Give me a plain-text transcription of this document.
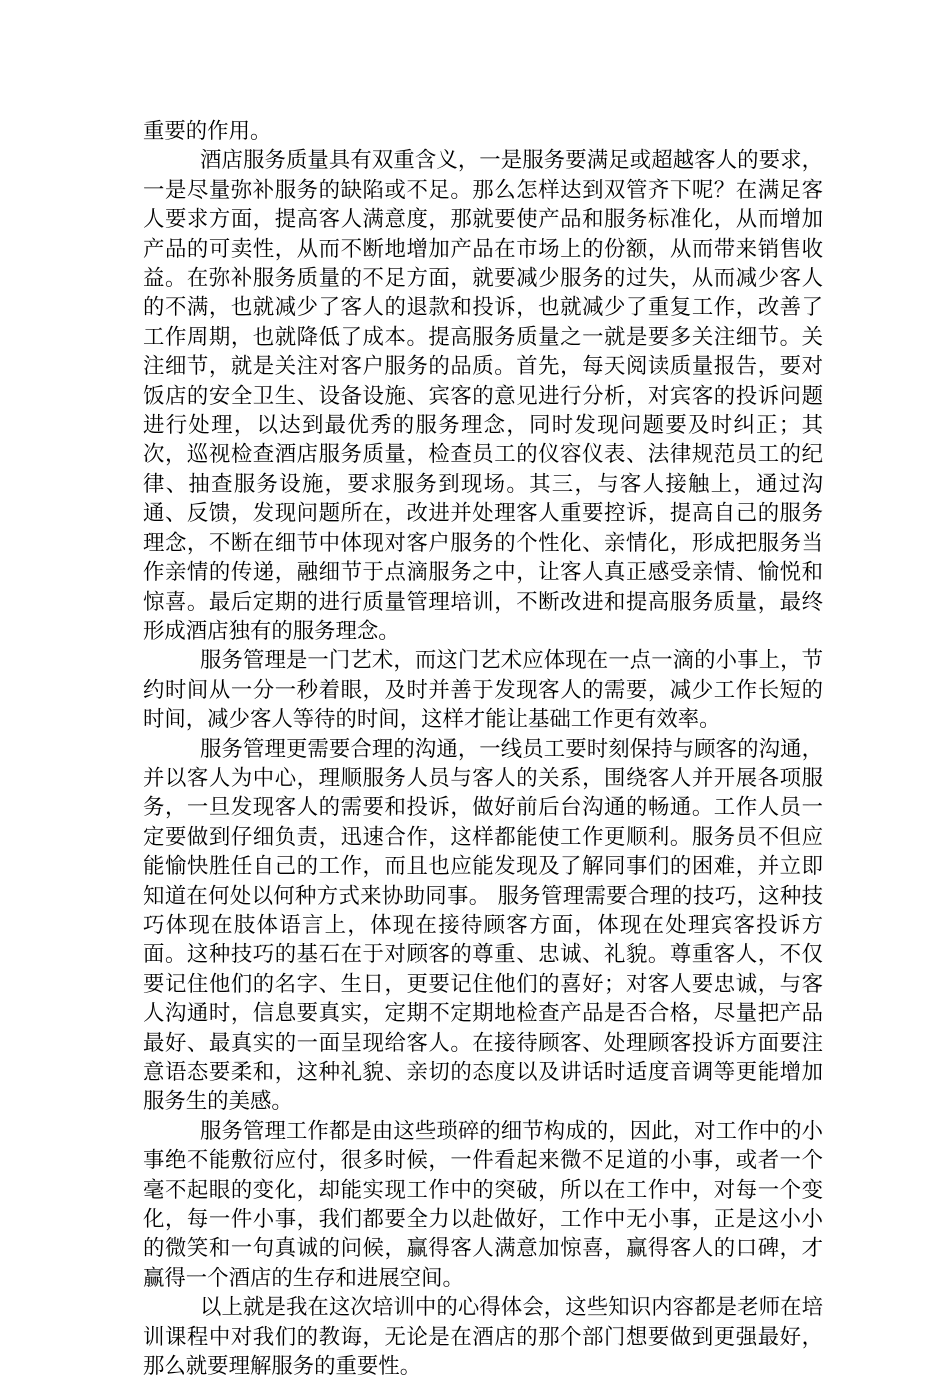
重要的作用。

酒店服务质量具有双重含义，一是服务要满足或超越客人的要求，一是尽量弥补服务的缺陷或不足。那么怎样达到双管齐下呢？在满足客人要求方面，提高客人满意度，那就要使产品和服务标准化，从而增加产品的可卖性，从而不断地增加产品在市场上的份额，从而带来销售收益。在弥补服务质量的不足方面，就要减少服务的过失，从而减少客人的不满，也就减少了客人的退款和投诉，也就减少了重复工作，改善了工作周期，也就降低了成本。提高服务质量之一就是要多关注细节。关注细节，就是关注对客户服务的品质。首先，每天阅读质量报告，要对饭店的安全卫生、设备设施、宾客的意见进行分析，对宾客的投诉问题进行处理，以达到最优秀的服务理念，同时发现问题要及时纠正；其次，巡视检查酒店服务质量，检查员工的仪容仪表、法律规范员工的纪律、抽查服务设施，要求服务到现场。其三，与客人接触上，通过沟通、反馈，发现问题所在，改进并处理客人重要控诉，提高自己的服务理念，不断在细节中体现对客户服务的个性化、亲情化，形成把服务当作亲情的传递，融细节于点滴服务之中，让客人真正感受亲情、愉悦和惊喜。最后定期的进行质量管理培训，不断改进和提高服务质量，最终形成酒店独有的服务理念。

服务管理是一门艺术，而这门艺术应体现在一点一滴的小事上，节约时间从一分一秒着眼，及时并善于发现客人的需要，减少工作长短的时间，减少客人等待的时间，这样才能让基础工作更有效率。

服务管理更需要合理的沟通，一线员工要时刻保持与顾客的沟通，并以客人为中心，理顺服务人员与客人的关系，围绕客人并开展各项服务，一旦发现客人的需要和投诉，做好前后台沟通的畅通。工作人员一定要做到仔细负责，迅速合作，这样都能使工作更顺利。服务员不但应能愉快胜任自己的工作，而且也应能发现及了解同事们的困难，并立即知道在何处以何种方式来协助同事。 服务管理需要合理的技巧，这种技巧体现在肢体语言上，体现在接待顾客方面，体现在处理宾客投诉方面。这种技巧的基石在于对顾客的尊重、忠诚、礼貌。尊重客人，不仅要记住他们的名字、生日，更要记住他们的喜好；对客人要忠诚，与客人沟通时，信息要真实，定期不定期地检查产品是否合格，尽量把产品最好、最真实的一面呈现给客人。在接待顾客、处理顾客投诉方面要注意语态要柔和，这种礼貌、亲切的态度以及讲话时适度音调等更能增加服务生的美感。

服务管理工作都是由这些琐碎的细节构成的，因此，对工作中的小事绝不能敷衍应付，很多时候，一件看起来微不足道的小事，或者一个毫不起眼的变化，却能实现工作中的突破，所以在工作中，对每一个变化，每一件小事，我们都要全力以赴做好，工作中无小事，正是这小小的微笑和一句真诚的问候，赢得客人满意加惊喜，赢得客人的口碑，才赢得一个酒店的生存和进展空间。

以上就是我在这次培训中的心得体会，这些知识内容都是老师在培训课程中对我们的教诲，无论是在酒店的那个部门想要做到更强最好，那么就要理解服务的重要性。
